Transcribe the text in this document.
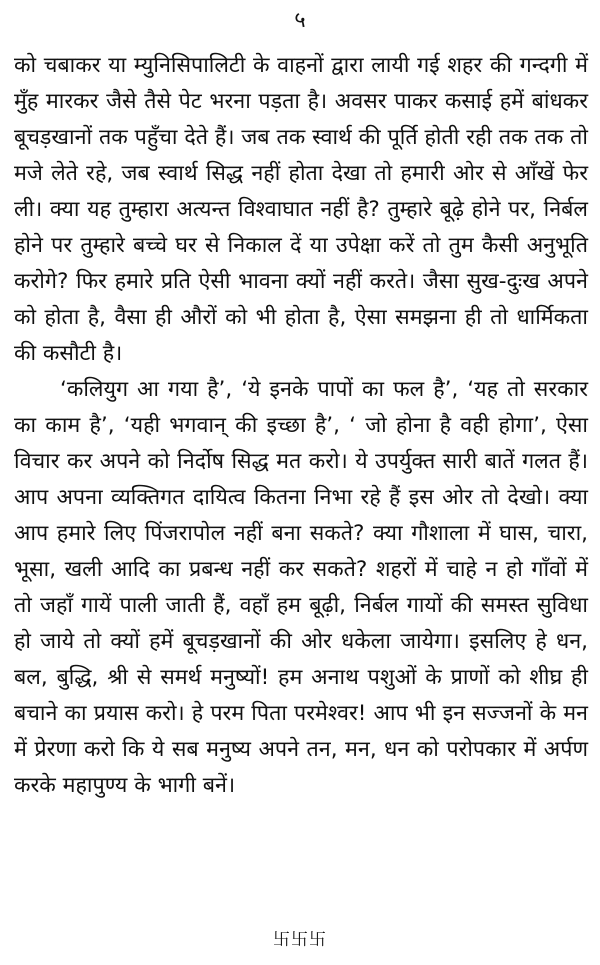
५

को चबाकर या म्युनिसिपालिटी के वाहनों द्वारा लायी गई शहर की गन्दगी में मुँह मारकर जैसे तैसे पेट भरना पड़ता है। अवसर पाकर कसाई हमें बांधकर बूचड़खानों तक पहुँचा देते हैं। जब तक स्वार्थ की पूर्ति होती रही तक तक तो मजे लेते रहे, जब स्वार्थ सिद्ध नहीं होता देखा तो हमारी ओर से आँखें फेर ली। क्या यह तुम्हारा अत्यन्त विश्वाघात नहीं है? तुम्हारे बूढ़े होने पर, निर्बल होने पर तुम्हारे बच्चे घर से निकाल दें या उपेक्षा करें तो तुम कैसी अनुभूति करोगे? फिर हमारे प्रति ऐसी भावना क्यों नहीं करते। जैसा सुख-दुःख अपने को होता है, वैसा ही औरों को भी होता है, ऐसा समझना ही तो धार्मिकता की कसौटी है।

‘कलियुग आ गया है’, ‘ये इनके पापों का फल है’, ‘यह तो सरकार का काम है’, ‘यही भगवान् की इच्छा है’, ‘ जो होना है वही होगा’, ऐसा विचार कर अपने को निर्दोष सिद्ध मत करो। ये उपर्युक्त सारी बातें गलत हैं। आप अपना व्यक्तिगत दायित्व कितना निभा रहे हैं इस ओर तो देखो। क्या आप हमारे लिए पिंजरापोल नहीं बना सकते? क्या गौशाला में घास, चारा, भूसा, खली आदि का प्रबन्ध नहीं कर सकते? शहरों में चाहे न हो गाँवों में तो जहाँ गायें पाली जाती हैं, वहाँ हम बूढ़ी, निर्बल गायों की समस्त सुविधा हो जाये तो क्यों हमें बूचड़खानों की ओर धकेला जायेगा। इसलिए हे धन, बल, बुद्धि, श्री से समर्थ मनुष्यों! हम अनाथ पशुओं के प्राणों को शीघ्र ही बचाने का प्रयास करो। हे परम पिता परमेश्वर! आप भी इन सज्जनों के मन में प्रेरणा करो कि ये सब मनुष्य अपने तन, मन, धन को परोपकार में अर्पण करके महापुण्य के भागी बनें।

卐卐卐
